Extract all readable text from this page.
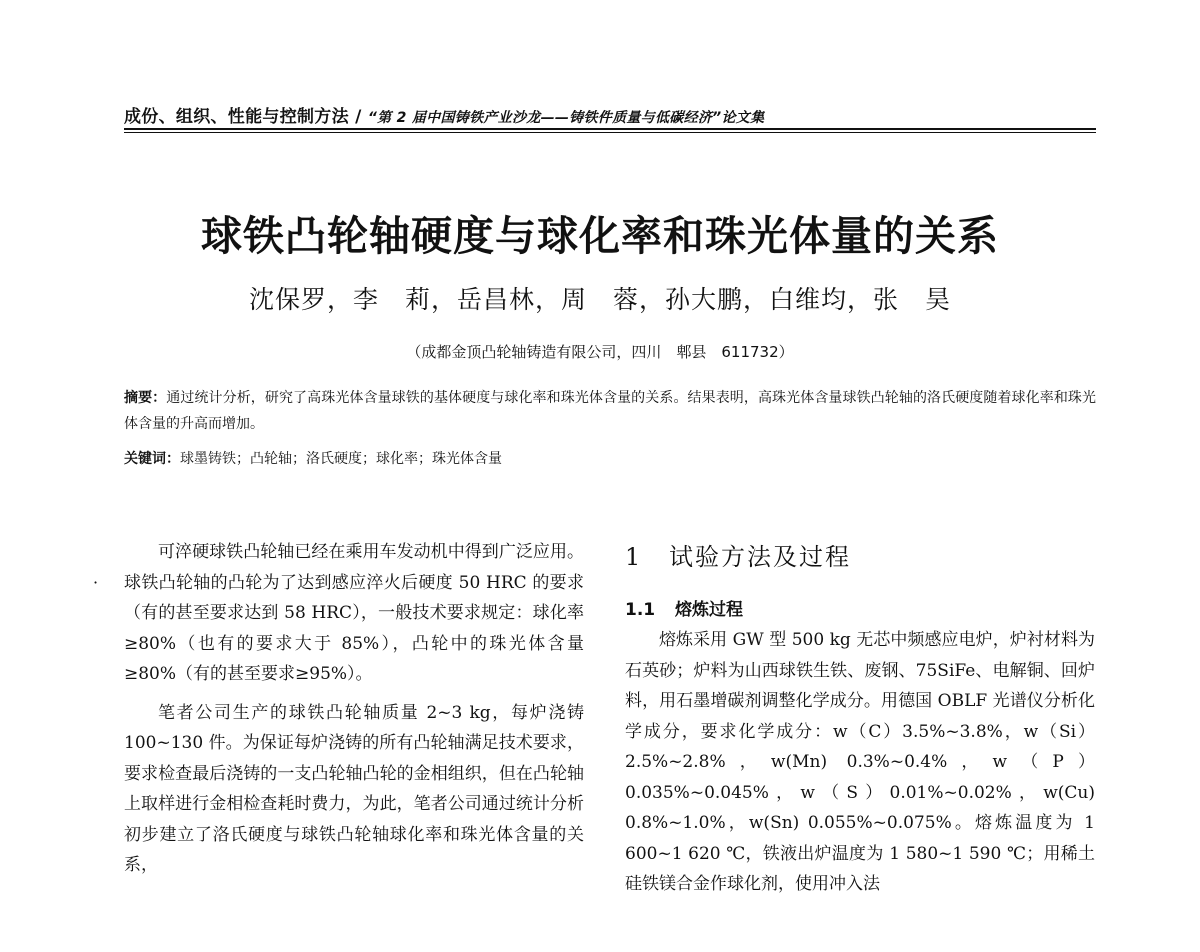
成份、组织、性能与控制方法 / “第 2 届中国铸铁产业沙龙——铸铁件质量与低碳经济”论文集
球铁凸轮轴硬度与球化率和珠光体量的关系
沈保罗，李　莉，岳昌林，周　蓉，孙大鹏，白维均，张　昊
（成都金顶凸轮轴铸造有限公司，四川　郫县　611732）
摘要：通过统计分析，研究了高珠光体含量球铁的基体硬度与球化率和珠光体含量的关系。结果表明，高珠光体含量球铁凸轮轴的洛氏硬度随着球化率和珠光体含量的升高而增加。
关键词：球墨铸铁；凸轮轴；洛氏硬度；球化率；珠光体含量
·

可淬硬球铁凸轮轴已经在乘用车发动机中得到广泛应用。球铁凸轮轴的凸轮为了达到感应淬火后硬度 50 HRC 的要求（有的甚至要求达到 58 HRC），一般技术要求规定：球化率≥80%（也有的要求大于 85%），凸轮中的珠光体含量≥80%（有的甚至要求≥95%）。

笔者公司生产的球铁凸轮轴质量 2~3 kg，每炉浇铸 100~130 件。为保证每炉浇铸的所有凸轮轴满足技术要求，要求检查最后浇铸的一支凸轮轴凸轮的金相组织，但在凸轮轴上取样进行金相检查耗时费力，为此，笔者公司通过统计分析初步建立了洛氏硬度与球铁凸轮轴球化率和珠光体含量的关系，

1 试验方法及过程
1.1 熔炼过程

熔炼采用 GW 型 500 kg 无芯中频感应电炉，炉衬材料为石英砂；炉料为山西球铁生铁、废钢、75SiFe、电解铜、回炉料，用石墨增碳剂调整化学成分。用德国 OBLF 光谱仪分析化学成分，要求化学成分：w（C）3.5%~3.8%，w（Si）2.5%~2.8%，w(Mn) 0.3%~0.4%，w（P）0.035%~0.045%，w（S）0.01%~0.02%，w(Cu) 0.8%~1.0%，w(Sn) 0.055%~0.075%。熔炼温度为 1 600~1 620 ℃，铁液出炉温度为 1 580~1 590 ℃；用稀土硅铁镁合金作球化剂，使用冲入法
